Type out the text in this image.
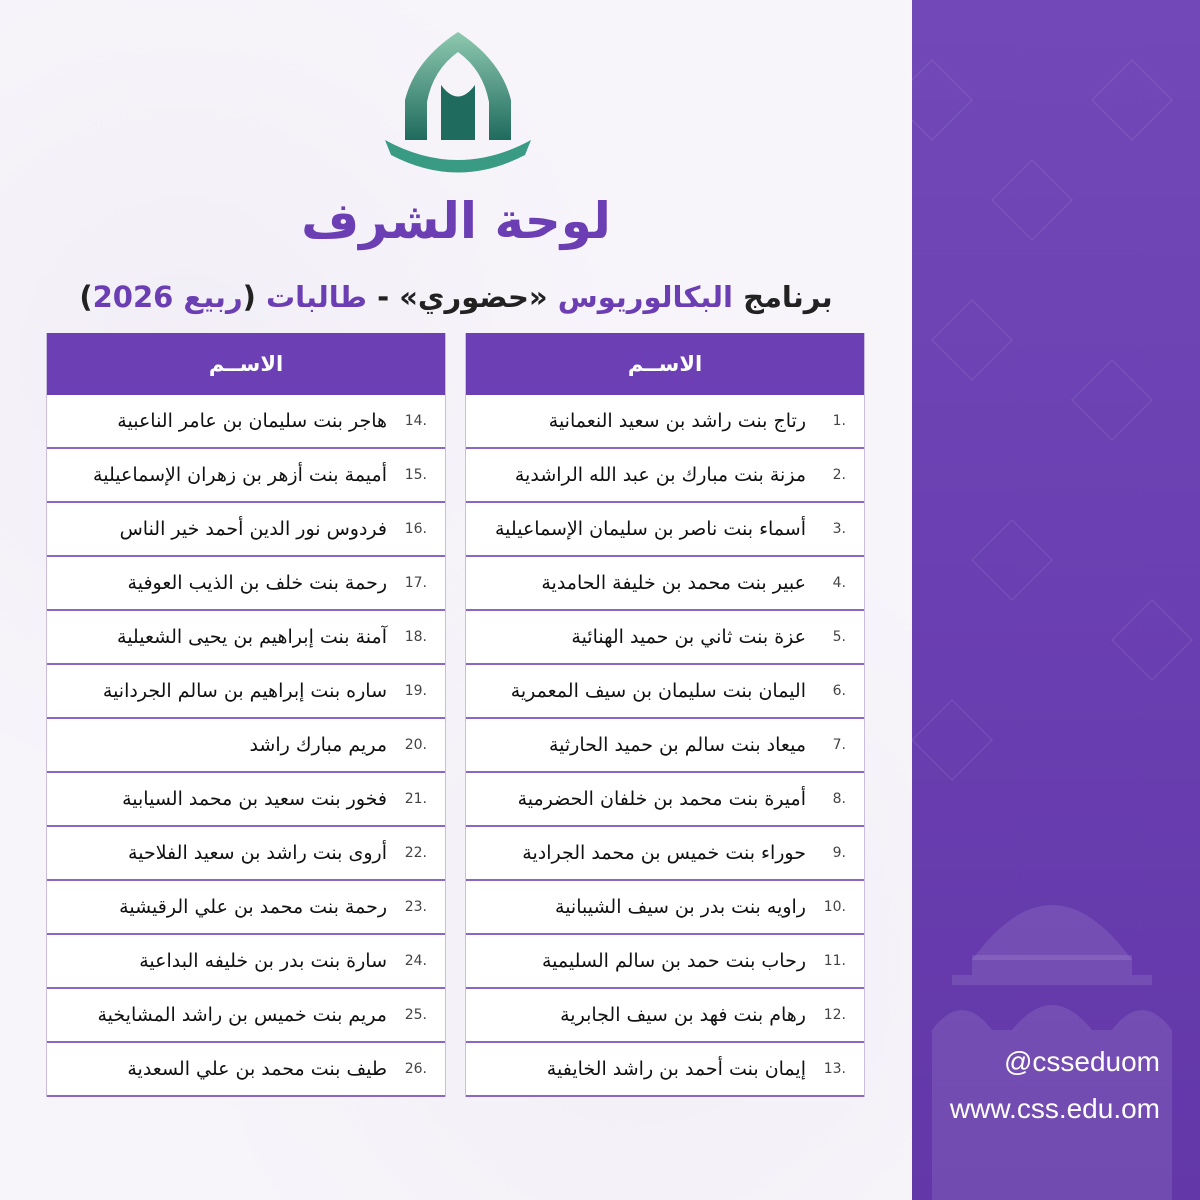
@csseduom
www.css.edu.om
لوحة الشرف
برنامج البكالوريوس «حضوري» - طالبات (ربيع 2026)
الاســم
1.
رتاج بنت راشد بن سعيد النعمانية
2.
مزنة بنت مبارك بن عبد الله الراشدية
3.
أسماء بنت ناصر بن سليمان الإسماعيلية
4.
عبير بنت محمد بن خليفة الحامدية
5.
عزة بنت ثاني بن حميد الهنائية
6.
اليمان بنت سليمان بن سيف المعمرية
7.
ميعاد بنت سالم بن حميد الحارثية
8.
أميرة بنت محمد بن خلفان الحضرمية
9.
حوراء بنت خميس بن محمد الجرادية
10.
راويه بنت بدر بن سيف الشيبانية
11.
رحاب بنت حمد بن سالم السليمية
12.
رهام بنت فهد بن سيف الجابرية
13.
إيمان بنت أحمد بن راشد الخايفية
الاســم
14.
هاجر بنت سليمان بن عامر الناعبية
15.
أميمة بنت أزهر بن زهران الإسماعيلية
16.
فردوس نور الدين أحمد خير الناس
17.
رحمة بنت خلف بن الذيب العوفية
18.
آمنة بنت إبراهيم بن يحيى الشعيلية
19.
ساره بنت إبراهيم بن سالم الجردانية
20.
مريم مبارك راشد
21.
فخور بنت سعيد بن محمد السيابية
22.
أروى بنت راشد بن سعيد الفلاحية
23.
رحمة بنت محمد بن علي الرقيشية
24.
سارة بنت بدر بن خليفه البداعية
25.
مريم بنت خميس بن راشد المشايخية
26.
طيف بنت محمد بن علي السعدية
